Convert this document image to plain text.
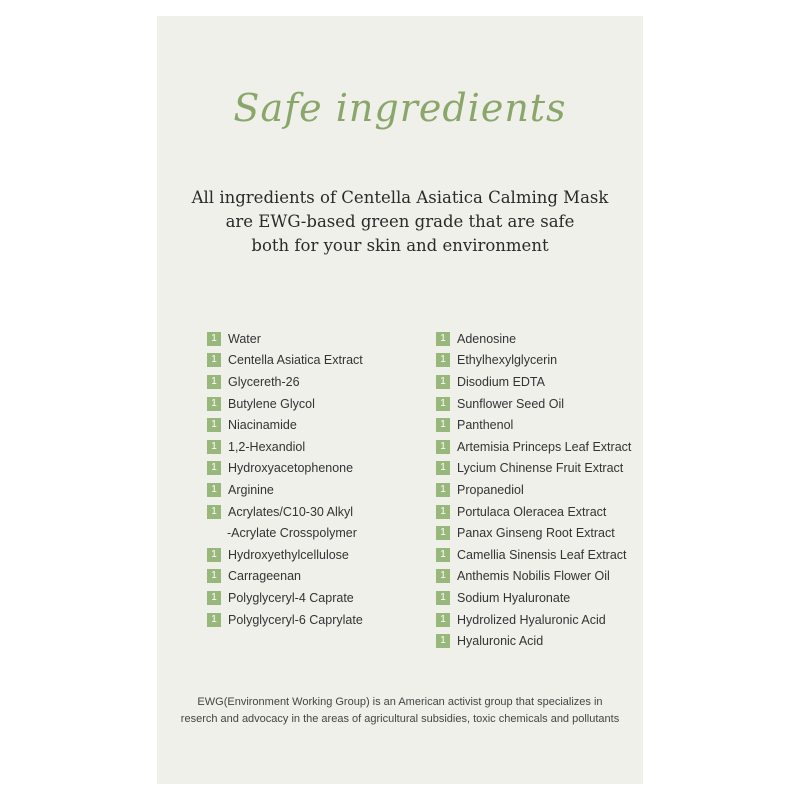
Safe ingredients
All ingredients of Centella Asiatica Calming Mask
are EWG-based green grade that are safe
both for your skin and environment
1 Water
1 Centella Asiatica Extract
1 Glycereth-26
1 Butylene Glycol
1 Niacinamide
1 1,2-Hexandiol
1 Hydroxyacetophenone
1 Arginine
1 Acrylates/C10-30 Alkyl
-Acrylate Crosspolymer
1 Hydroxyethylcellulose
1 Carrageenan
1 Polyglyceryl-4 Caprate
1 Polyglyceryl-6 Caprylate
1 Adenosine
1 Ethylhexylglycerin
1 Disodium EDTA
1 Sunflower Seed Oil
1 Panthenol
1 Artemisia Princeps Leaf Extract
1 Lycium Chinense Fruit Extract
1 Propanediol
1 Portulaca Oleracea Extract
1 Panax Ginseng Root Extract
1 Camellia Sinensis Leaf Extract
1 Anthemis Nobilis Flower Oil
1 Sodium Hyaluronate
1 Hydrolized Hyaluronic Acid
1 Hyaluronic Acid
EWG(Environment Working Group) is an American activist group that specializes in
reserch and advocacy in the areas of agricultural subsidies, toxic chemicals and pollutants
